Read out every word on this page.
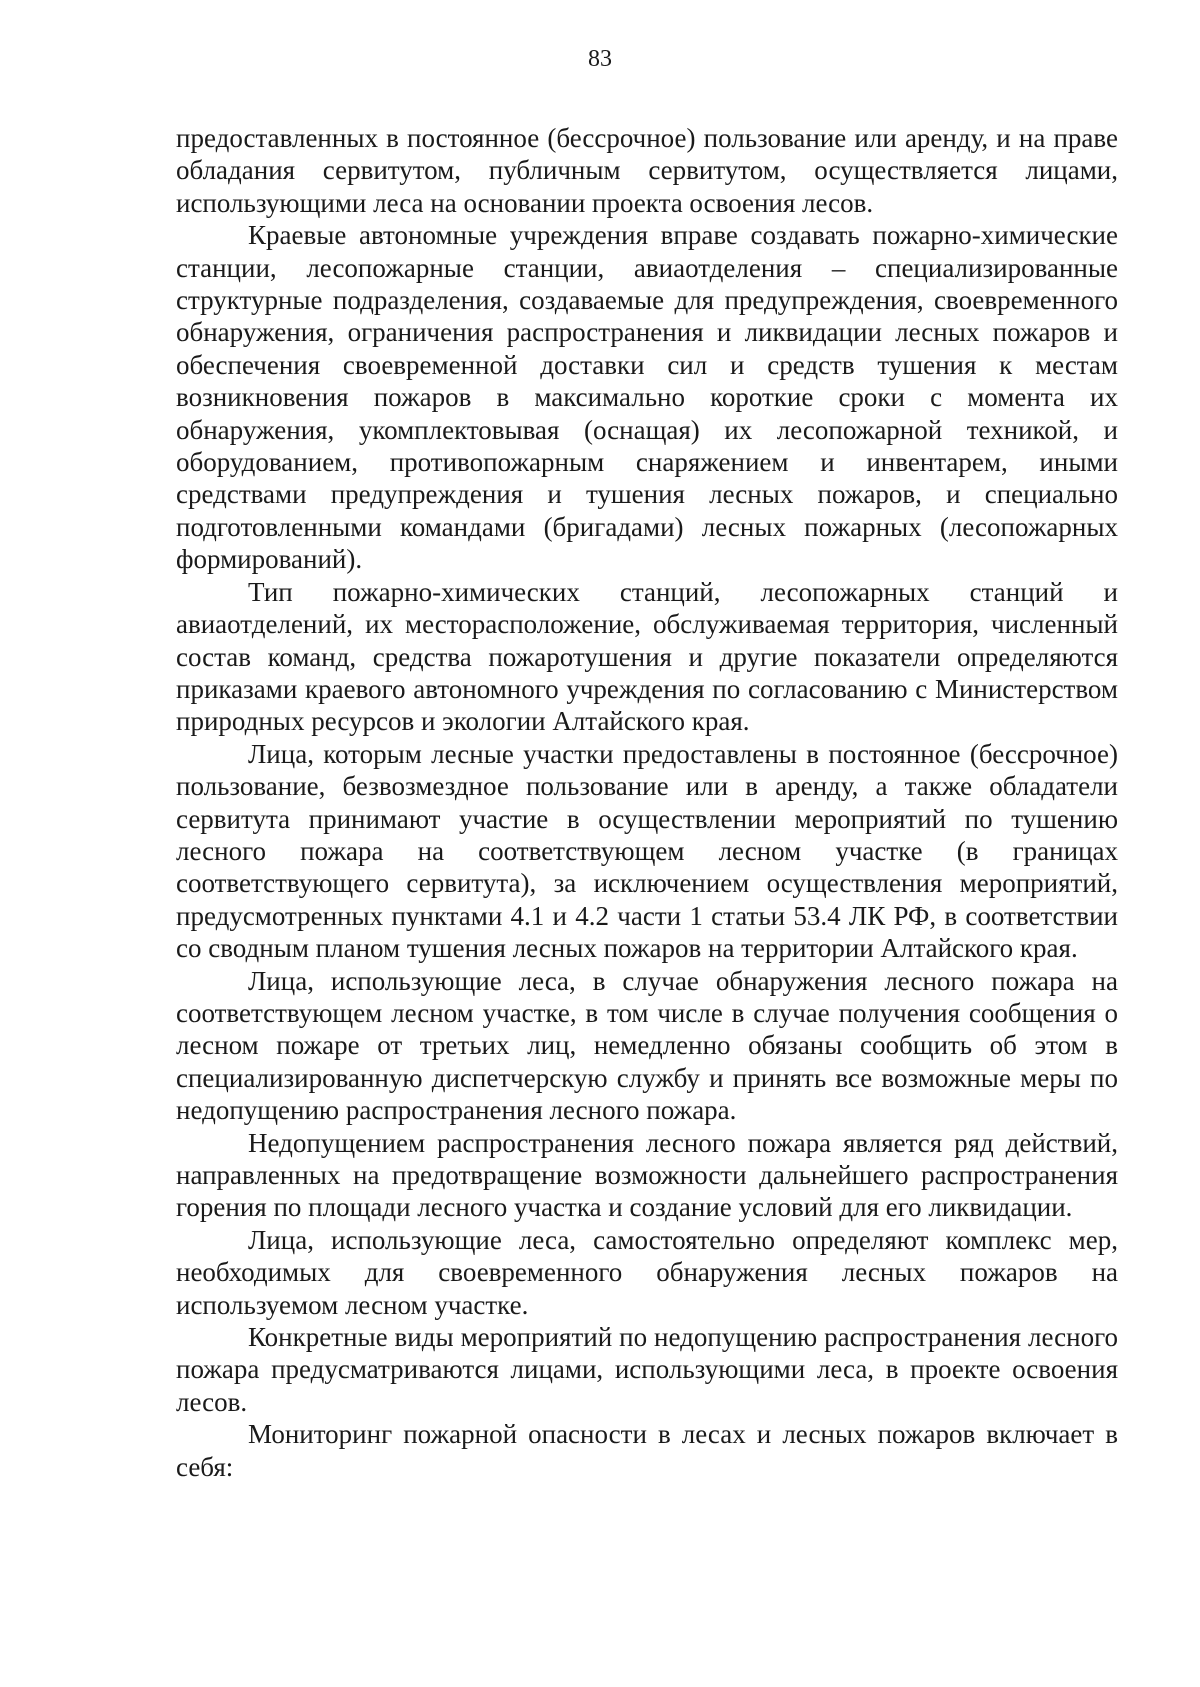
83

предоставленных в постоянное (бессрочное) пользование или аренду, и на праве обладания сервитутом, публичным сервитутом, осуществляется лицами, использующими леса на основании проекта освоения лесов.

Краевые автономные учреждения вправе создавать пожарно-химические станции, лесопожарные станции, авиаотделения – специализированные структурные подразделения, создаваемые для предупреждения, своевременного обнаружения, ограничения распространения и ликвидации лесных пожаров и обеспечения своевременной доставки сил и средств тушения к местам возникновения пожаров в максимально короткие сроки с момента их обнаружения, укомплектовывая (оснащая) их лесопожарной техникой, и оборудованием, противопожарным снаряжением и инвентарем, иными средствами предупреждения и тушения лесных пожаров, и специально подготовленными командами (бригадами) лесных пожарных (лесопожарных формирований).

Тип пожарно-химических станций, лесопожарных станций и авиаотделений, их месторасположение, обслуживаемая территория, численный состав команд, средства пожаротушения и другие показатели определяются приказами краевого автономного учреждения по согласованию с Министерством природных ресурсов и экологии Алтайского края.

Лица, которым лесные участки предоставлены в постоянное (бессрочное) пользование, безвозмездное пользование или в аренду, а также обладатели сервитута принимают участие в осуществлении мероприятий по тушению лесного пожара на соответствующем лесном участке (в границах соответствующего сервитута), за исключением осуществления мероприятий, предусмотренных пунктами 4.1 и 4.2 части 1 статьи 53.4 ЛК РФ, в соответствии со сводным планом тушения лесных пожаров на территории Алтайского края.

Лица, использующие леса, в случае обнаружения лесного пожара на соответствующем лесном участке, в том числе в случае получения сообщения о лесном пожаре от третьих лиц, немедленно обязаны сообщить об этом в специализированную диспетчерскую службу и принять все возможные меры по недопущению распространения лесного пожара.

Недопущением распространения лесного пожара является ряд действий, направленных на предотвращение возможности дальнейшего распространения горения по площади лесного участка и создание условий для его ликвидации.

Лица, использующие леса, самостоятельно определяют комплекс мер, необходимых для своевременного обнаружения лесных пожаров на используемом лесном участке.

Конкретные виды мероприятий по недопущению распространения лесного пожара предусматриваются лицами, использующими леса, в проекте освоения лесов.

Мониторинг пожарной опасности в лесах и лесных пожаров включает в себя:
